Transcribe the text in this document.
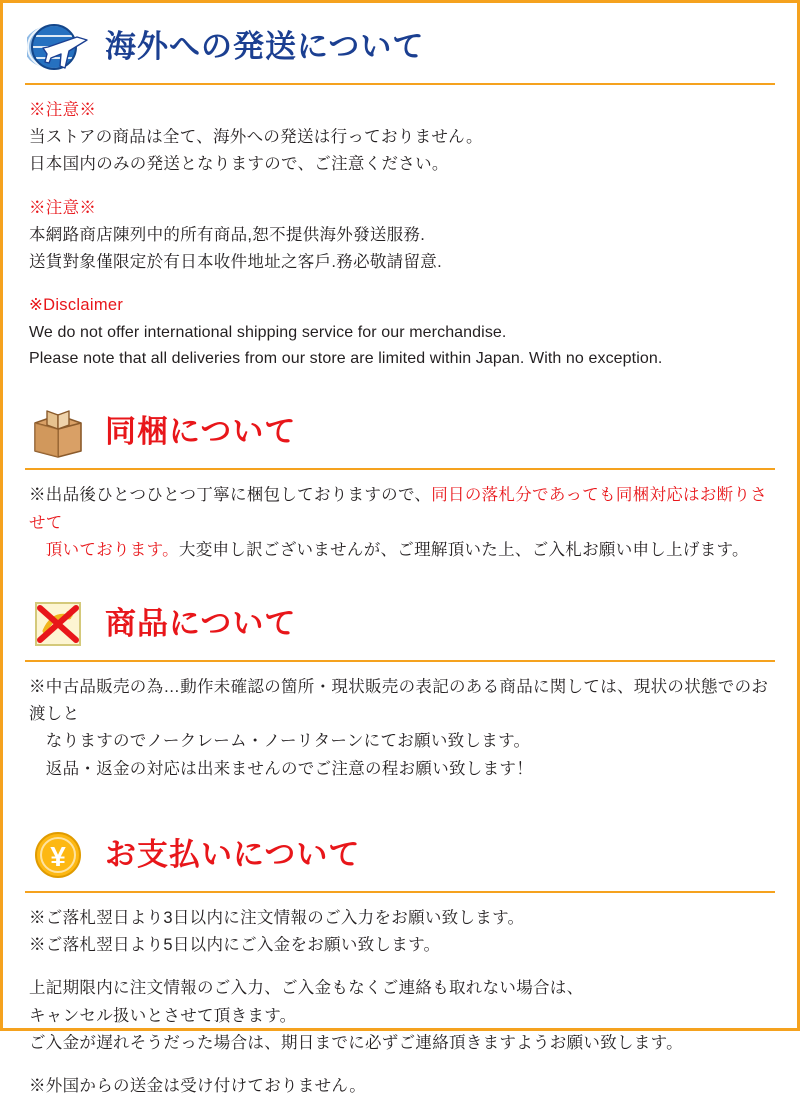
海外への発送について

※注意※

当ストアの商品は全て、海外への発送は行っておりません。

日本国内のみの発送となりますので、ご注意ください。

※注意※

本網路商店陳列中的所有商品,恕不提供海外發送服務.

送貨對象僅限定於有日本收件地址之客戶.務必敬請留意.

※Disclaimer

We do not offer international shipping service for our merchandise.

Please note that all deliveries from our store are limited within Japan. With no exception.

同梱について

※出品後ひとつひとつ丁寧に梱包しておりますので、同日の落札分であっても同梱対応はお断りさせて

　頂いております。大変申し訳ございませんが、ご理解頂いた上、ご入札お願い申し上げます。

商品について

※中古品販売の為…動作未確認の箇所・現状販売の表記のある商品に関しては、現状の状態でのお渡しと

　なりますのでノークレーム・ノーリターンにてお願い致します。

　返品・返金の対応は出来ませんのでご注意の程お願い致します！

¥ お支払いについて

※ご落札翌日より3日以内に注文情報のご入力をお願い致します。

※ご落札翌日より5日以内にご入金をお願い致します。

上記期限内に注文情報のご入力、ご入金もなくご連絡も取れない場合は、

キャンセル扱いとさせて頂きます。

ご入金が遅れそうだった場合は、期日までに必ずご連絡頂きますようお願い致します。

※外国からの送金は受け付けておりません。
